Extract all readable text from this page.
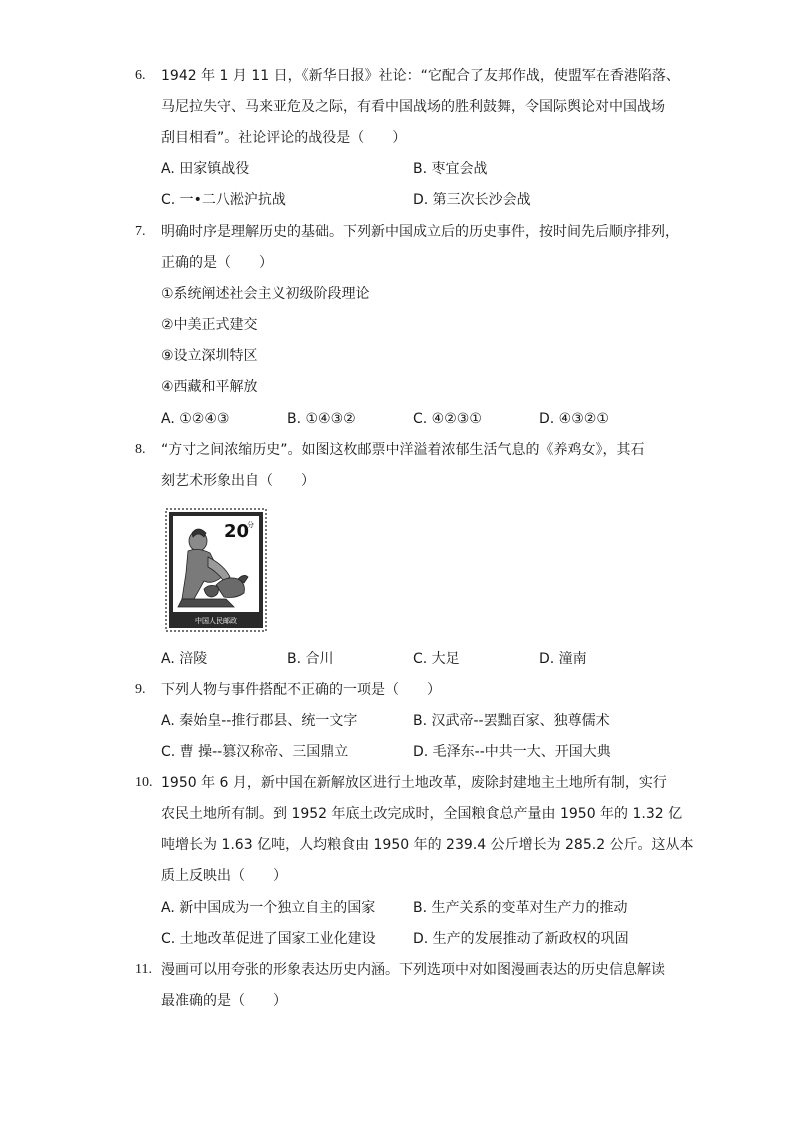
6. 1942 年 1 月 11 日，《新华日报》社论：“它配合了友邦作战，使盟军在香港陷落、
马尼拉失守、马来亚危及之际，有看中国战场的胜利鼓舞，令国际舆论对中国战场
刮目相看”。社论评论的战役是（　　）
A. 田家镇战役	B. 枣宜会战
C. 一•二八淞沪抗战	D. 第三次长沙会战
7. 明确时序是理解历史的基础。下列新中国成立后的历史事件，按时间先后顺序排列，
正确的是（　　）
①系统阐述社会主义初级阶段理论
②中美正式建交
⑨设立深圳特区
④西藏和平解放
A. ①②④③	B. ①④③②	C. ④②③①	D. ④③②①
8. “方寸之间浓缩历史”。如图这枚邮票中洋溢着浓郁生活气息的《养鸡女》，其石
刻艺术形象出自（　　）
20
分
中国人民邮政
A. 涪陵	B. 合川	C. 大足	D. 潼南
9. 下列人物与事件搭配不正确的一项是（　　）
A. 秦始皇--推行郡县、统一文字	B. 汉武帝--罢黜百家、独尊儒术
C. 曹 操--篡汉称帝、三国鼎立	D. 毛泽东--中共一大、开国大典
10. 1950 年 6 月，新中国在新解放区进行土地改革，废除封建地主土地所有制，实行
农民土地所有制。到 1952 年底土改完成时，全国粮食总产量由 1950 年的 1.32 亿
吨增长为 1.63 亿吨，人均粮食由 1950 年的 239.4 公斤增长为 285.2 公斤。这从本
质上反映出（　　）
A. 新中国成为一个独立自主的国家	B. 生产关系的变革对生产力的推动
C. 土地改革促进了国家工业化建设	D. 生产的发展推动了新政权的巩固
11. 漫画可以用夸张的形象表达历史内涵。下列选项中对如图漫画表达的历史信息解读
最准确的是（　　）
